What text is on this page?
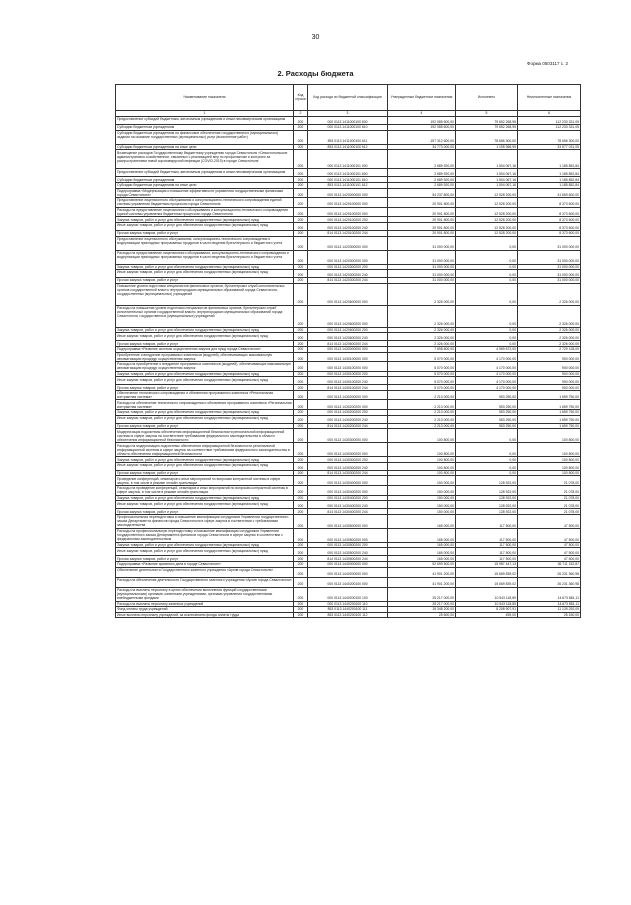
30
Форма 0503117 с. 2
2. Расходы бюджета
Наименование показателя	Код строки	Код расхода по бюджетной классификации	Утвержденные бюджетные назначения	Исполнено	Неисполненные назначения
1	2	3	4	5	6
Предоставление субсидий бюджетным, автономным учреждениям и иным некоммерческим организациям	200	000 0113 1411000100 600	192 085 600,00	79 652 268,95	112 233 331,05
Субсидии бюджетным учреждениям	200	000 0113 1411000100 610	192 085 600,00	79 652 268,95	112 233 331,05
Субсидии бюджетным учреждениям на финансовое обеспечение государственного (муниципального) задания на оказание государственных (муниципальных) услуг (выполнение работ)	200	853 0113 1411000100 611	157 312 600,00	78 656 300,00	78 656 300,00
Субсидии бюджетным учреждениям на иные цели	200	853 0113 1411000100 612	34 773 000,00	1 195 968,95	33 577 031,05
Возмещение расходов Государственному бюджетному учреждению города Севастополя «Севастопольское административно-хозяйственное, связанных с реализацией мер по профилактике и контролю за распространением новой коронавирусной инфекции (COVID-2019) в городе Севастополе	200	000 0113 1411000101 000	2 689 920,00	1 504 067,16	1 185 852,84
Предоставление субсидий бюджетным, автономным учреждениям и иным некоммерческим организациям	200	000 0113 1411000101 600	2 689 920,00	1 504 067,16	1 185 852,84
Субсидии бюджетным учреждениям	200	000 0113 1411000101 610	2 689 920,00	1 504 067,16	1 185 852,84
Субсидии бюджетным учреждениям на иные цели	200	853 0113 1411000101 612	2 689 920,00	1 504 067,16	1 185 852,84
Подпрограмма «Модернизация и повышение эффективности управления государственными финансами города Севастополя»	200	000 0113 1420000000 000	54 237 800,00	12 528 200,00	41 659 600,00
Предоставление лицензионного обслуживания и консультационно-технического сопровождения единой системы управления бюджетным процессом города Севастополя	200	000 0113 1420100000 000	20 901 800,00	12 528 200,00	8 373 600,00
Расходы на предоставление лицензионного обслуживания и консультационно-технического сопровождения единой системы управления бюджетным процессом города Севастополя	200	000 0113 1420100200 000	20 901 800,00	12 528 200,00	8 373 600,00
Закупка товаров, работ и услуг для обеспечения государственных (муниципальных) нужд	200	000 0113 1420100200 200	20 901 800,00	12 528 200,00	8 373 600,00
Иные закупки товаров, работ и услуг для обеспечения государственных (муниципальных) нужд	200	000 0113 1420100200 240	20 901 800,00	12 528 200,00	8 373 600,00
Прочая закупка товаров, работ и услуг	200	814 0113 1420100200 244	20 901 800,00	12 528 200,00	8 373 600,00
Предоставление лицензионного обслуживания, консультационно-технического сопровождения и модернизации прикладных программных продуктов в части ведения бухгалтерского и бюджетного учета	200	000 0113 1420300000 000	31 000 000,00	0,00	31 000 000,00
Расходы на предоставление лицензионного обслуживания, консультационно-технического сопровождения и модернизации прикладных программных продуктов в части ведения бухгалтерского и бюджетного учета	200	000 0113 1420300200 000	31 000 000,00	0,00	31 000 000,00
Закупка товаров, работ и услуг для обеспечения государственных (муниципальных) нужд	200	000 0113 1420300200 200	31 000 000,00	0,00	31 000 000,00
Иные закупки товаров, работ и услуг для обеспечения государственных (муниципальных) нужд	200	000 0113 1420300200 240	31 000 000,00	0,00	31 000 000,00
Прочая закупка товаров, работ и услуг	200	814 0113 1420300200 244	31 000 000,00	0,00	31 000 000,00
Повышение уровня подготовки специалистов финансовых органов, бухгалтерских служб исполнительных органов государственной власти, внутригородских муниципальных образований города Севастополя, государственных (муниципальных) учреждений	200	000 0113 1420600000 000	2 326 000,00	0,00	2 326 000,00
Расходы на повышение уровня подготовки специалистов финансовых органов, бухгалтерских служб исполнительных органов государственной власти, внутригородских муниципальных образований города Севастополя, государственных (муниципальных) учреждений	200	000 0113 1420600200 000	2 326 000,00	0,00	2 326 000,00
Закупка товаров, работ и услуг для обеспечения государственных (муниципальных) нужд	200	000 0113 1420600200 200	2 326 000,00	0,00	2 326 000,00
Иные закупки товаров, работ и услуг для обеспечения государственных (муниципальных) нужд	200	000 0113 1420600200 240	2 326 000,00	0,00	2 326 000,00
Прочая закупка товаров, работ и услуг	200	814 0113 1420600200 244	2 326 000,00	0,00	2 326 000,00
Подпрограмма «Развитие системы осуществления закупок для нужд города Севастополя»	200	000 0113 1430000000 000	7 698 800,00	4 969 672,00	2 729 128,00
Приобретение и внедрение программных комплексов (модулей), обеспечивающих максимальную автоматизацию процедур осуществления закупок	200	000 0113 1430100000 000	5 070 000,00	4 170 000,00	900 000,00
Расходы на приобретение и внедрение программных комплексов (модулей), обеспечивающих максимальную автоматизацию процедур осуществления закупок	200	000 0113 1430100200 000	5 070 000,00	4 170 000,00	900 000,00
Закупка товаров, работ и услуг для обеспечения государственных (муниципальных) нужд	200	000 0113 1430100200 200	5 070 000,00	4 170 000,00	900 000,00
Иные закупки товаров, работ и услуг для обеспечения государственных (муниципальных) нужд	200	000 0113 1430100200 240	5 070 000,00	4 170 000,00	900 000,00
Прочая закупка товаров, работ и услуг	200	814 0113 1430100200 244	5 070 000,00	4 170 000,00	900 000,00
Обеспечение технического сопровождения и обновления программного комплекса «Региональная контрактная система»	200	000 0113 1430200000 000	2 213 000,00	553 250,00	1 659 750,00
Расходы на обеспечение технического сопровождения и обновления программного комплекса «Региональная контрактная система»	200	000 0113 1430200200 000	2 213 000,00	553 250,00	1 659 750,00
Закупка товаров, работ и услуг для обеспечения государственных (муниципальных) нужд	200	000 0113 1430200200 200	2 213 000,00	553 250,00	1 659 750,00
Иные закупки товаров, работ и услуг для обеспечения государственных (муниципальных) нужд	200	000 0113 1430200200 240	2 213 000,00	553 250,00	1 659 750,00
Прочая закупка товаров, работ и услуг	200	814 0113 1430200200 244	2 213 000,00	553 250,00	1 659 750,00
Модернизация подсистемы обеспечения информационной безопасности региональной информационной системы в сфере закупок на соответствие требованиям федерального законодательства в области обеспечения информационной безопасности	200	000 0113 1430300000 000	100 800,00	0,00	100 800,00
Расходы на модернизацию подсистемы обеспечения информационной безопасности региональной информационной системы в сфере закупок на соответствие требованиям федерального законодательства в области обеспечения информационной безопасности	200	000 0113 1430300200 000	100 800,00	0,00	100 800,00
Закупка товаров, работ и услуг для обеспечения государственных (муниципальных) нужд	200	000 0113 1430300200 200	100 800,00	0,00	100 800,00
Иные закупки товаров, работ и услуг для обеспечения государственных (муниципальных) нужд	200	000 0113 1430300200 240	100 800,00	0,00	100 800,00
Прочая закупка товаров, работ и услуг	200	814 0113 1430300200 244	100 800,00	0,00	100 800,00
Проведение конференций, семинаров и иных мероприятий по вопросам контрактной системы в сфере закупок, в том числе в режиме онлайн-трансляции	200	000 0113 1430400000 000	150 000,00	128 922,00	21 078,00
Расходы на проведение конференций, семинаров и иных мероприятий по вопросам контрактной системы в сфере закупок, в том числе в режиме онлайн-трансляции	200	000 0113 1430400200 000	150 000,00	128 922,00	21 078,00
Закупка товаров, работ и услуг для обеспечения государственных (муниципальных) нужд	200	000 0113 1430400200 200	150 000,00	128 922,00	21 078,00
Иные закупки товаров, работ и услуг для обеспечения государственных (муниципальных) нужд	200	000 0113 1430400200 240	150 000,00	128 922,00	21 078,00
Прочая закупка товаров, работ и услуг	200	814 0113 1430400200 244	150 000,00	128 922,00	21 078,00
Профессиональная переподготовка и повышение квалификации сотрудников Управления государственного заказа Департамента финансов города Севастополя в сфере закупок в соответствии с требованиями законодательства	200	000 0113 1430500000 000	165 000,00	117 500,00	47 500,00
Расходы на профессиональную переподготовку и повышение квалификации сотрудников Управления государственного заказа Департамента финансов города Севастополя в сфере закупок в соответствии с федеральным законодательством	200	000 0113 1430500200 000	165 000,00	117 500,00	47 500,00
Закупка товаров, работ и услуг для обеспечения государственных (муниципальных) нужд	200	000 0113 1430500200 200	165 000,00	117 500,00	47 500,00
Иные закупки товаров, работ и услуг для обеспечения государственных (муниципальных) нужд	200	000 0113 1430500200 240	165 000,00	117 500,00	47 500,00
Прочая закупка товаров, работ и услуг	200	814 0113 1430500200 244	165 000,00	117 500,00	47 500,00
Подпрограмма «Развитие архивного дела в городе Севастополе»	200	000 0113 1440000000 000	52 699 500,00	15 987 447,13	36 711 152,87
Обеспечение деятельности Государственного казенного учреждения «Архив города Севастополя»	200	000 0113 1440200000 000	41 901 200,00	15 669 839,02	26 231 360,98
Расходы на обеспечение деятельности Государственного казенного учреждения «Архив города Севастополя»	200	000 0113 1440200100 000	41 901 200,00	15 669 839,02	26 231 360,98
Расходы на выплаты персоналу в целях обеспечения выполнения функций государственными (муниципальными) органами, казенными учреждениями, органами управления государственными внебюджетными фондами	200	000 0113 1440200100 100	25 217 000,00	10 543 118,89	14 673 881,11
Расходы на выплаты персоналу казенных учреждений	200	000 0113 1440200100 110	25 217 000,00	10 543 118,89	14 673 881,11
Фонд оплаты труда учреждений	200	853 0113 1440200100 111	19 348 200,00	8 208 907,91	11 139 292,09
Иные выплаты персоналу учреждений, за исключением фонда оплаты труда	200	853 0113 1440200100 112	25 600,00	459,00	25 150,00
